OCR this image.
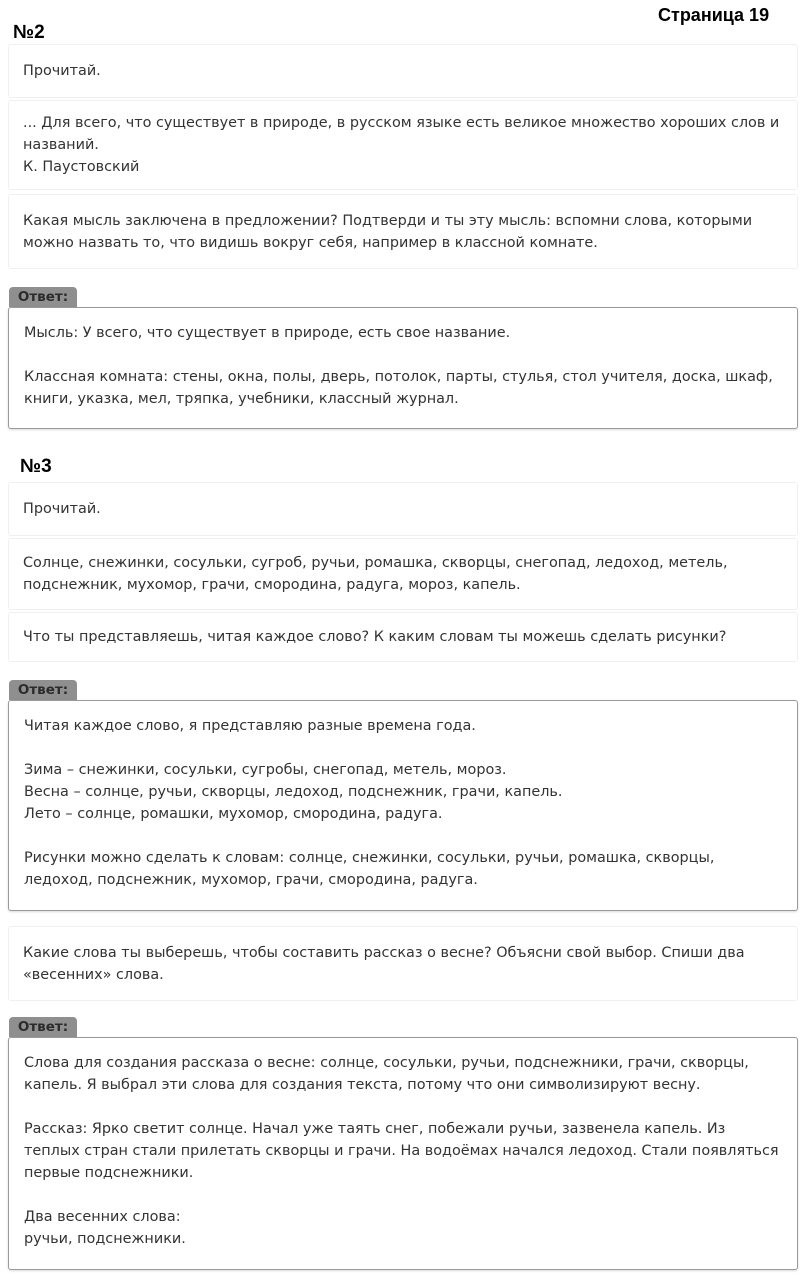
Страница 19
№2
Прочитай.
... Для всего, что существует в природе, в русском языке есть великое множество хороших слов и названий.
К. Паустовский
Какая мысль заключена в предложении? Подтверди и ты эту мысль: вспомни слова, которыми можно назвать то, что видишь вокруг себя, например в классной комнате.
Ответ:

Мысль: У всего, что существует в природе, есть свое название.

Классная комната: стены, окна, полы, дверь, потолок, парты, стулья, стол учителя, доска, шкаф, книги, указка, мел, тряпка, учебники, классный журнал.

№3
Прочитай.
Солнце, снежинки, сосульки, сугроб, ручьи, ромашка, скворцы, снегопад, ледоход, метель, подснежник, мухомор, грачи, смородина, радуга, мороз, капель.
Что ты представляешь, читая каждое слово? К каким словам ты можешь сделать рисунки?
Ответ:

Читая каждое слово, я представляю разные времена года.

Зима – снежинки, сосульки, сугробы, снегопад, метель, мороз.

Весна – солнце, ручьи, скворцы, ледоход, подснежник, грачи, капель.

Лето – солнце, ромашки, мухомор, смородина, радуга.

Рисунки можно сделать к словам: солнце, снежинки, сосульки, ручьи, ромашка, скворцы, ледоход, подснежник, мухомор, грачи, смородина, радуга.

Какие слова ты выберешь, чтобы составить рассказ о весне? Объясни свой выбор. Спиши два «весенних» слова.
Ответ:

Слова для создания рассказа о весне: солнце, сосульки, ручьи, подснежники, грачи, скворцы, капель. Я выбрал эти слова для создания текста, потому что они символизируют весну.

Рассказ: Ярко светит солнце. Начал уже таять снег, побежали ручьи, зазвенела капель. Из теплых стран стали прилетать скворцы и грачи. На водоёмах начался ледоход. Стали появляться первые подснежники.

Два весенних слова:

ручьи, подснежники.
